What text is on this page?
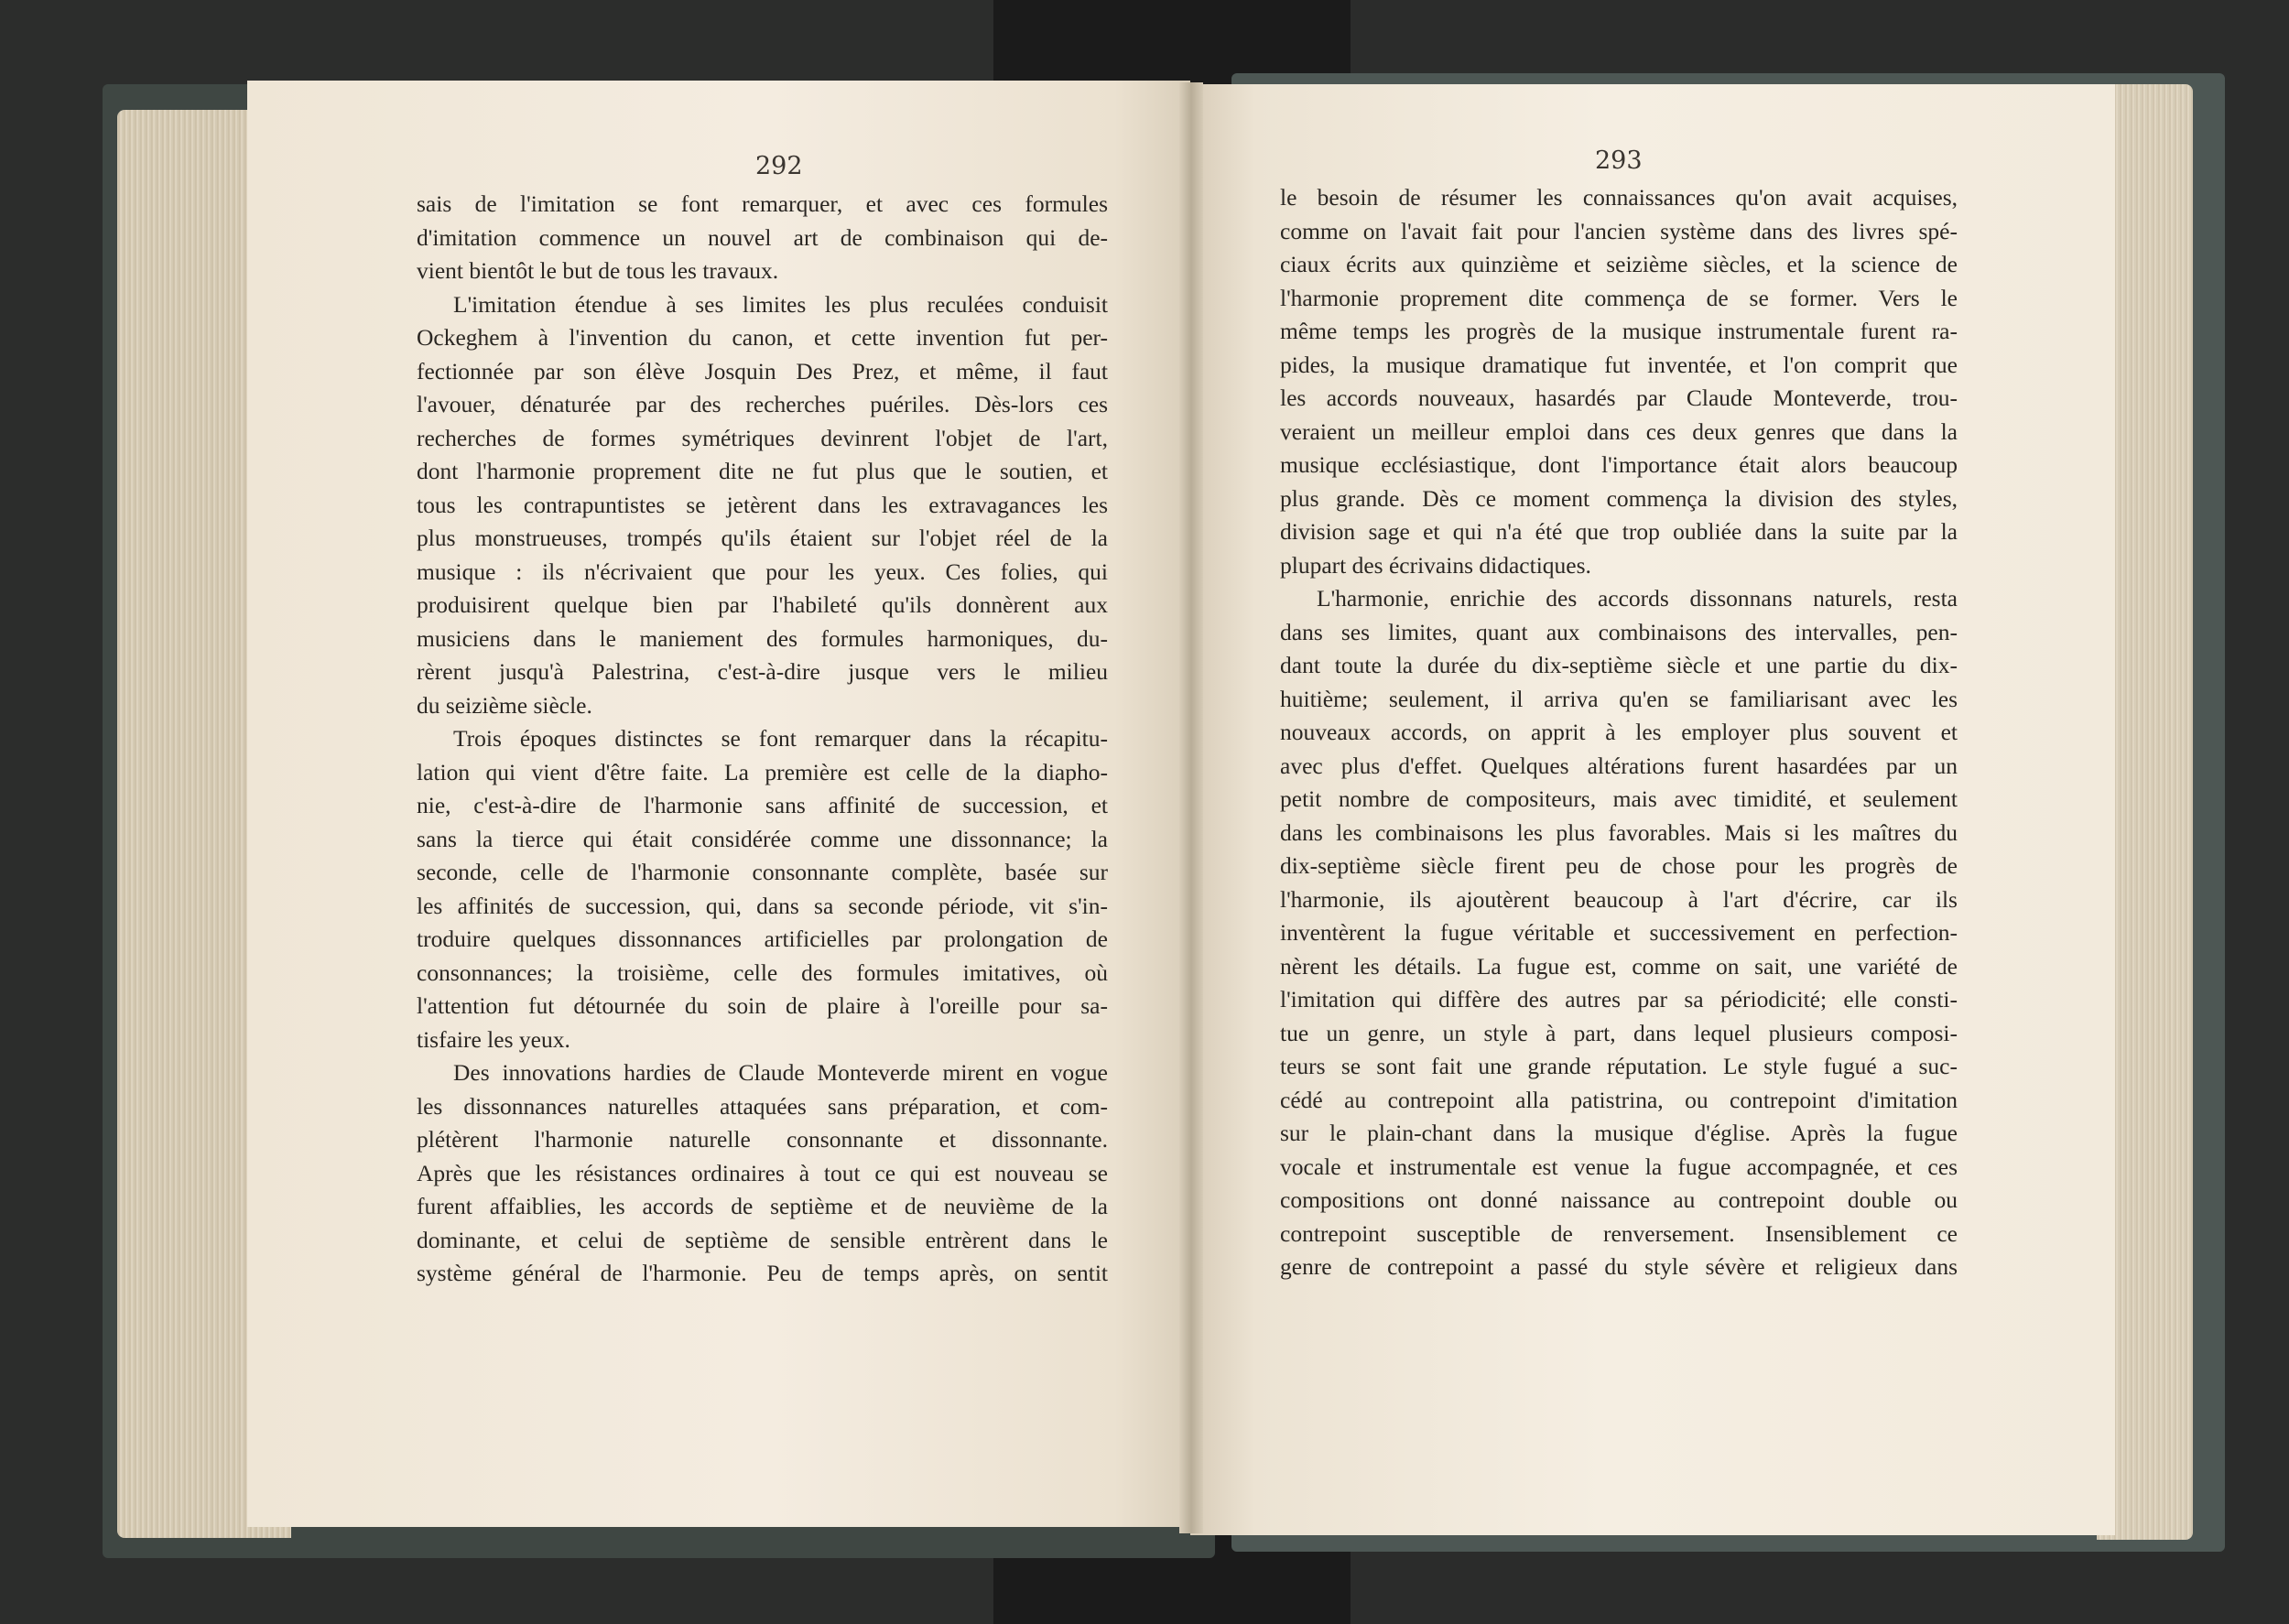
292	293
sais de l'imitation se font remarquer, et avec ces formules
d'imitation commence un nouvel art de combinaison qui de-
vient bientôt le but de tous les travaux.
L'imitation étendue à ses limites les plus reculées conduisit
Ockeghem à l'invention du canon, et cette invention fut per-
fectionnée par son élève Josquin Des Prez, et même, il faut
l'avouer, dénaturée par des recherches puériles. Dès-lors ces
recherches de formes symétriques devinrent l'objet de l'art,
dont l'harmonie proprement dite ne fut plus que le soutien, et
tous les contrapuntistes se jetèrent dans les extravagances les
plus monstrueuses, trompés qu'ils étaient sur l'objet réel de la
musique : ils n'écrivaient que pour les yeux. Ces folies, qui
produisirent quelque bien par l'habileté qu'ils donnèrent aux
musiciens dans le maniement des formules harmoniques, du-
rèrent jusqu'à Palestrina, c'est-à-dire jusque vers le milieu
du seizième siècle.
Trois époques distinctes se font remarquer dans la récapitu-
lation qui vient d'être faite. La première est celle de la diapho-
nie, c'est-à-dire de l'harmonie sans affinité de succession, et
sans la tierce qui était considérée comme une dissonnance; la
seconde, celle de l'harmonie consonnante complète, basée sur
les affinités de succession, qui, dans sa seconde période, vit s'in-
troduire quelques dissonnances artificielles par prolongation de
consonnances; la troisième, celle des formules imitatives, où
l'attention fut détournée du soin de plaire à l'oreille pour sa-
tisfaire les yeux.
Des innovations hardies de Claude Monteverde mirent en vogue
les dissonnances naturelles attaquées sans préparation, et com-
plétèrent l'harmonie naturelle consonnante et dissonnante.
Après que les résistances ordinaires à tout ce qui est nouveau se
furent affaiblies, les accords de septième et de neuvième de la
dominante, et celui de septième de sensible entrèrent dans le
système général de l'harmonie. Peu de temps après, on sentit
le besoin de résumer les connaissances qu'on avait acquises,
comme on l'avait fait pour l'ancien système dans des livres spé-
ciaux écrits aux quinzième et seizième siècles, et la science de
l'harmonie proprement dite commença de se former. Vers le
même temps les progrès de la musique instrumentale furent ra-
pides, la musique dramatique fut inventée, et l'on comprit que
les accords nouveaux, hasardés par Claude Monteverde, trou-
veraient un meilleur emploi dans ces deux genres que dans la
musique ecclésiastique, dont l'importance était alors beaucoup
plus grande. Dès ce moment commença la division des styles,
division sage et qui n'a été que trop oubliée dans la suite par la
plupart des écrivains didactiques.
L'harmonie, enrichie des accords dissonnans naturels, resta
dans ses limites, quant aux combinaisons des intervalles, pen-
dant toute la durée du dix-septième siècle et une partie du dix-
huitième; seulement, il arriva qu'en se familiarisant avec les
nouveaux accords, on apprit à les employer plus souvent et
avec plus d'effet. Quelques altérations furent hasardées par un
petit nombre de compositeurs, mais avec timidité, et seulement
dans les combinaisons les plus favorables. Mais si les maîtres du
dix-septième siècle firent peu de chose pour les progrès de
l'harmonie, ils ajoutèrent beaucoup à l'art d'écrire, car ils
inventèrent la fugue véritable et successivement en perfection-
nèrent les détails. La fugue est, comme on sait, une variété de
l'imitation qui diffère des autres par sa périodicité; elle consti-
tue un genre, un style à part, dans lequel plusieurs composi-
teurs se sont fait une grande réputation. Le style fugué a suc-
cédé au contrepoint alla patistrina, ou contrepoint d'imitation
sur le plain-chant dans la musique d'église. Après la fugue
vocale et instrumentale est venue la fugue accompagnée, et ces
compositions ont donné naissance au contrepoint double ou
contrepoint susceptible de renversement. Insensiblement ce
genre de contrepoint a passé du style sévère et religieux dans
